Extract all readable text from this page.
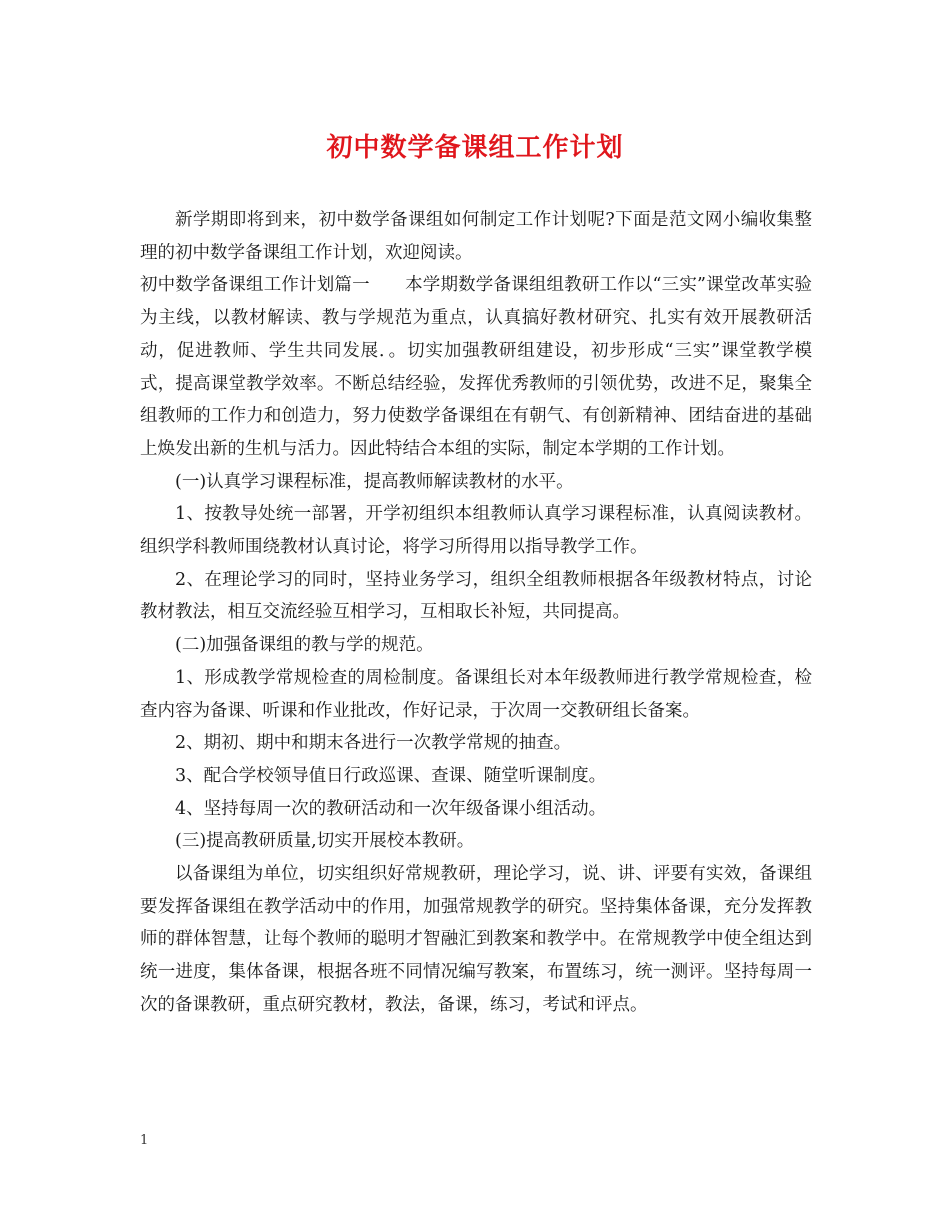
初中数学备课组工作计划

新学期即将到来，初中数学备课组如何制定工作计划呢?下面是范文网小编收集整理的初中数学备课组工作计划，欢迎阅读。

初中数学备课组工作计划篇一　　本学期数学备课组组教研工作以“三实”课堂改革实验为主线，以教材解读、教与学规范为重点，认真搞好教材研究、扎实有效开展教研活动，促进教师、学生共同发展．。切实加强教研组建设，初步形成“三实”课堂教学模式，提高课堂教学效率。不断总结经验，发挥优秀教师的引领优势，改进不足，聚集全组教师的工作力和创造力，努力使数学备课组在有朝气、有创新精神、团结奋进的基础上焕发出新的生机与活力。因此特结合本组的实际，制定本学期的工作计划。

(一)认真学习课程标准，提高教师解读教材的水平。

1、按教导处统一部署，开学初组织本组教师认真学习课程标准，认真阅读教材。组织学科教师围绕教材认真讨论，将学习所得用以指导教学工作。

2、在理论学习的同时，坚持业务学习，组织全组教师根据各年级教材特点，讨论教材教法，相互交流经验互相学习，互相取长补短，共同提高。

(二)加强备课组的教与学的规范。

1、形成教学常规检查的周检制度。备课组长对本年级教师进行教学常规检查，检查内容为备课、听课和作业批改，作好记录，于次周一交教研组长备案。

2、期初、期中和期末各进行一次教学常规的抽查。

3、配合学校领导值日行政巡课、查课、随堂听课制度。

4、坚持每周一次的教研活动和一次年级备课小组活动。

(三)提高教研质量,切实开展校本教研。

以备课组为单位，切实组织好常规教研，理论学习，说、讲、评要有实效，备课组要发挥备课组在教学活动中的作用，加强常规教学的研究。坚持集体备课，充分发挥教师的群体智慧，让每个教师的聪明才智融汇到教案和教学中。在常规教学中使全组达到统一进度，集体备课，根据各班不同情况编写教案，布置练习，统一测评。坚持每周一次的备课教研，重点研究教材，教法，备课，练习，考试和评点。

1
